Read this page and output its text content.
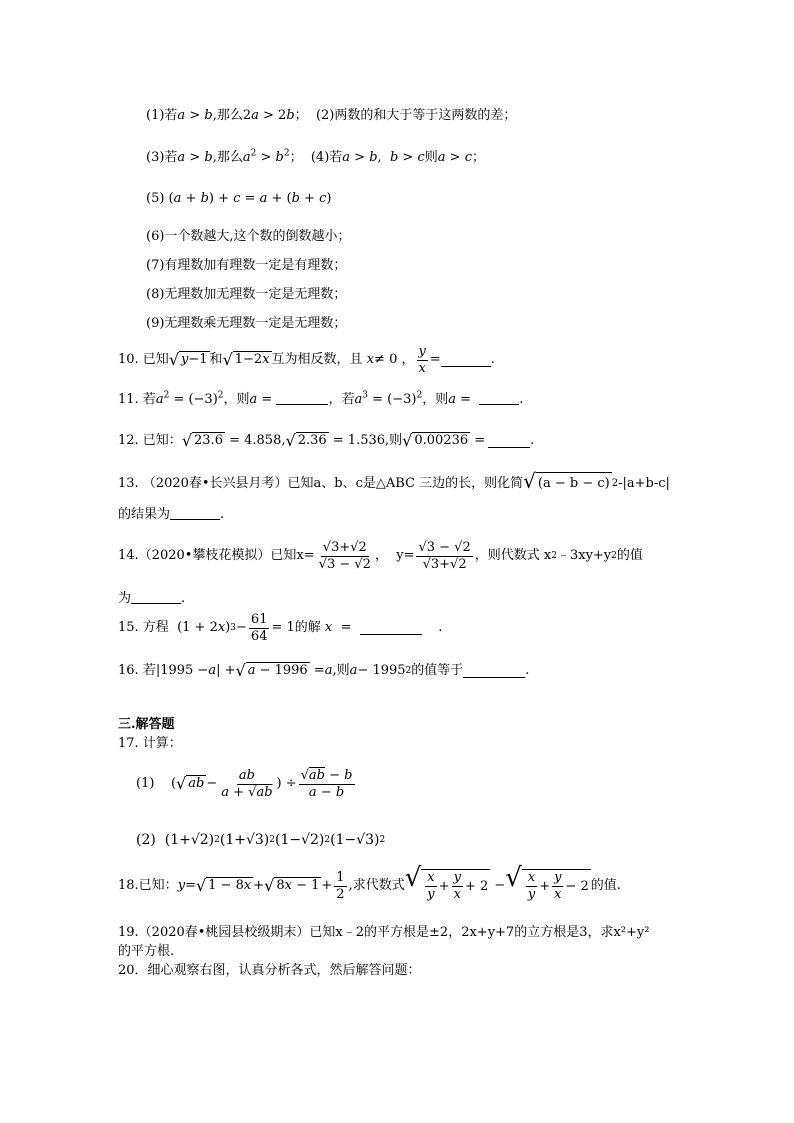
(1)若a > b,那么2a > 2b； (2)两数的和大于等于这两数的差；
(3)若a > b,那么$a^2 > b^2$； (4)若a > b,  b > c则a > c；
(5) (a + b) + c = a + (b + c)
(6)一个数越大,这个数的倒数越小；
(7)有理数加有理数一定是有理数；
(8)无理数加无理数一定是无理数；
(9)无理数乘无理数一定是无理数；
10. 已知 √ y−1 和 √ 1−2x 互为相反数，且
x ≠ 0 ， $\frac{y}{x}$ =	.
11. 若$a^2 = (-3)^2$，则a =	，若$a^3 = (-3)^2$，则a =	.
12. 已知： √ 23.6 = 4.858, √ 2.36 = 1.536, 则 √ 0.00236 =	.
13. （2020春•长兴县月考）已知a、b、c是△ABC 三边的长，则化简 √ (a − b − c) 2 -|a+b-c|
的结果为	.
14.（2020•攀枝花模拟）已知 $x= \frac{√3+√2}{√3 - √2}$ ，  $y= \frac{√3 - √2}{√3+√2}$ ，则代数式 x 2 ﹣3xy+y 2 的值
为	.
15. 方程 (1 + 2 x ) $3 - \frac{61}{64} = 1$ 的解
x =	.
16. 若 |1995 − a | + √ a − 1996 = a , 则 a − 1995 2 的值等于	.
三.解答题
17. 计算：
(1) ( √ ab − $\frac{ab}{a + √ab}$ ) ÷ $\frac{√ab - b}{a - b}$
(2) (1+√2) 2 (1+√3) 2 (1−√2) 2 (1−√3) 2
18.已知： y = √ 1 − 8x + √ $8x - 1 + \frac{1}{2}$ , 求代数式 √ $\frac{x}{y} + \frac{y}{x} + 2$ − √ $\frac{x}{y} + \frac{y}{x} - 2$ 的值.
19.（2020春•桃园县校级期末）已知x﹣2的平方根是±2，2x+y+7的立方根是3，求x²+y²
的平方根.
20．细心观察右图，认真分析各式，然后解答问题：
